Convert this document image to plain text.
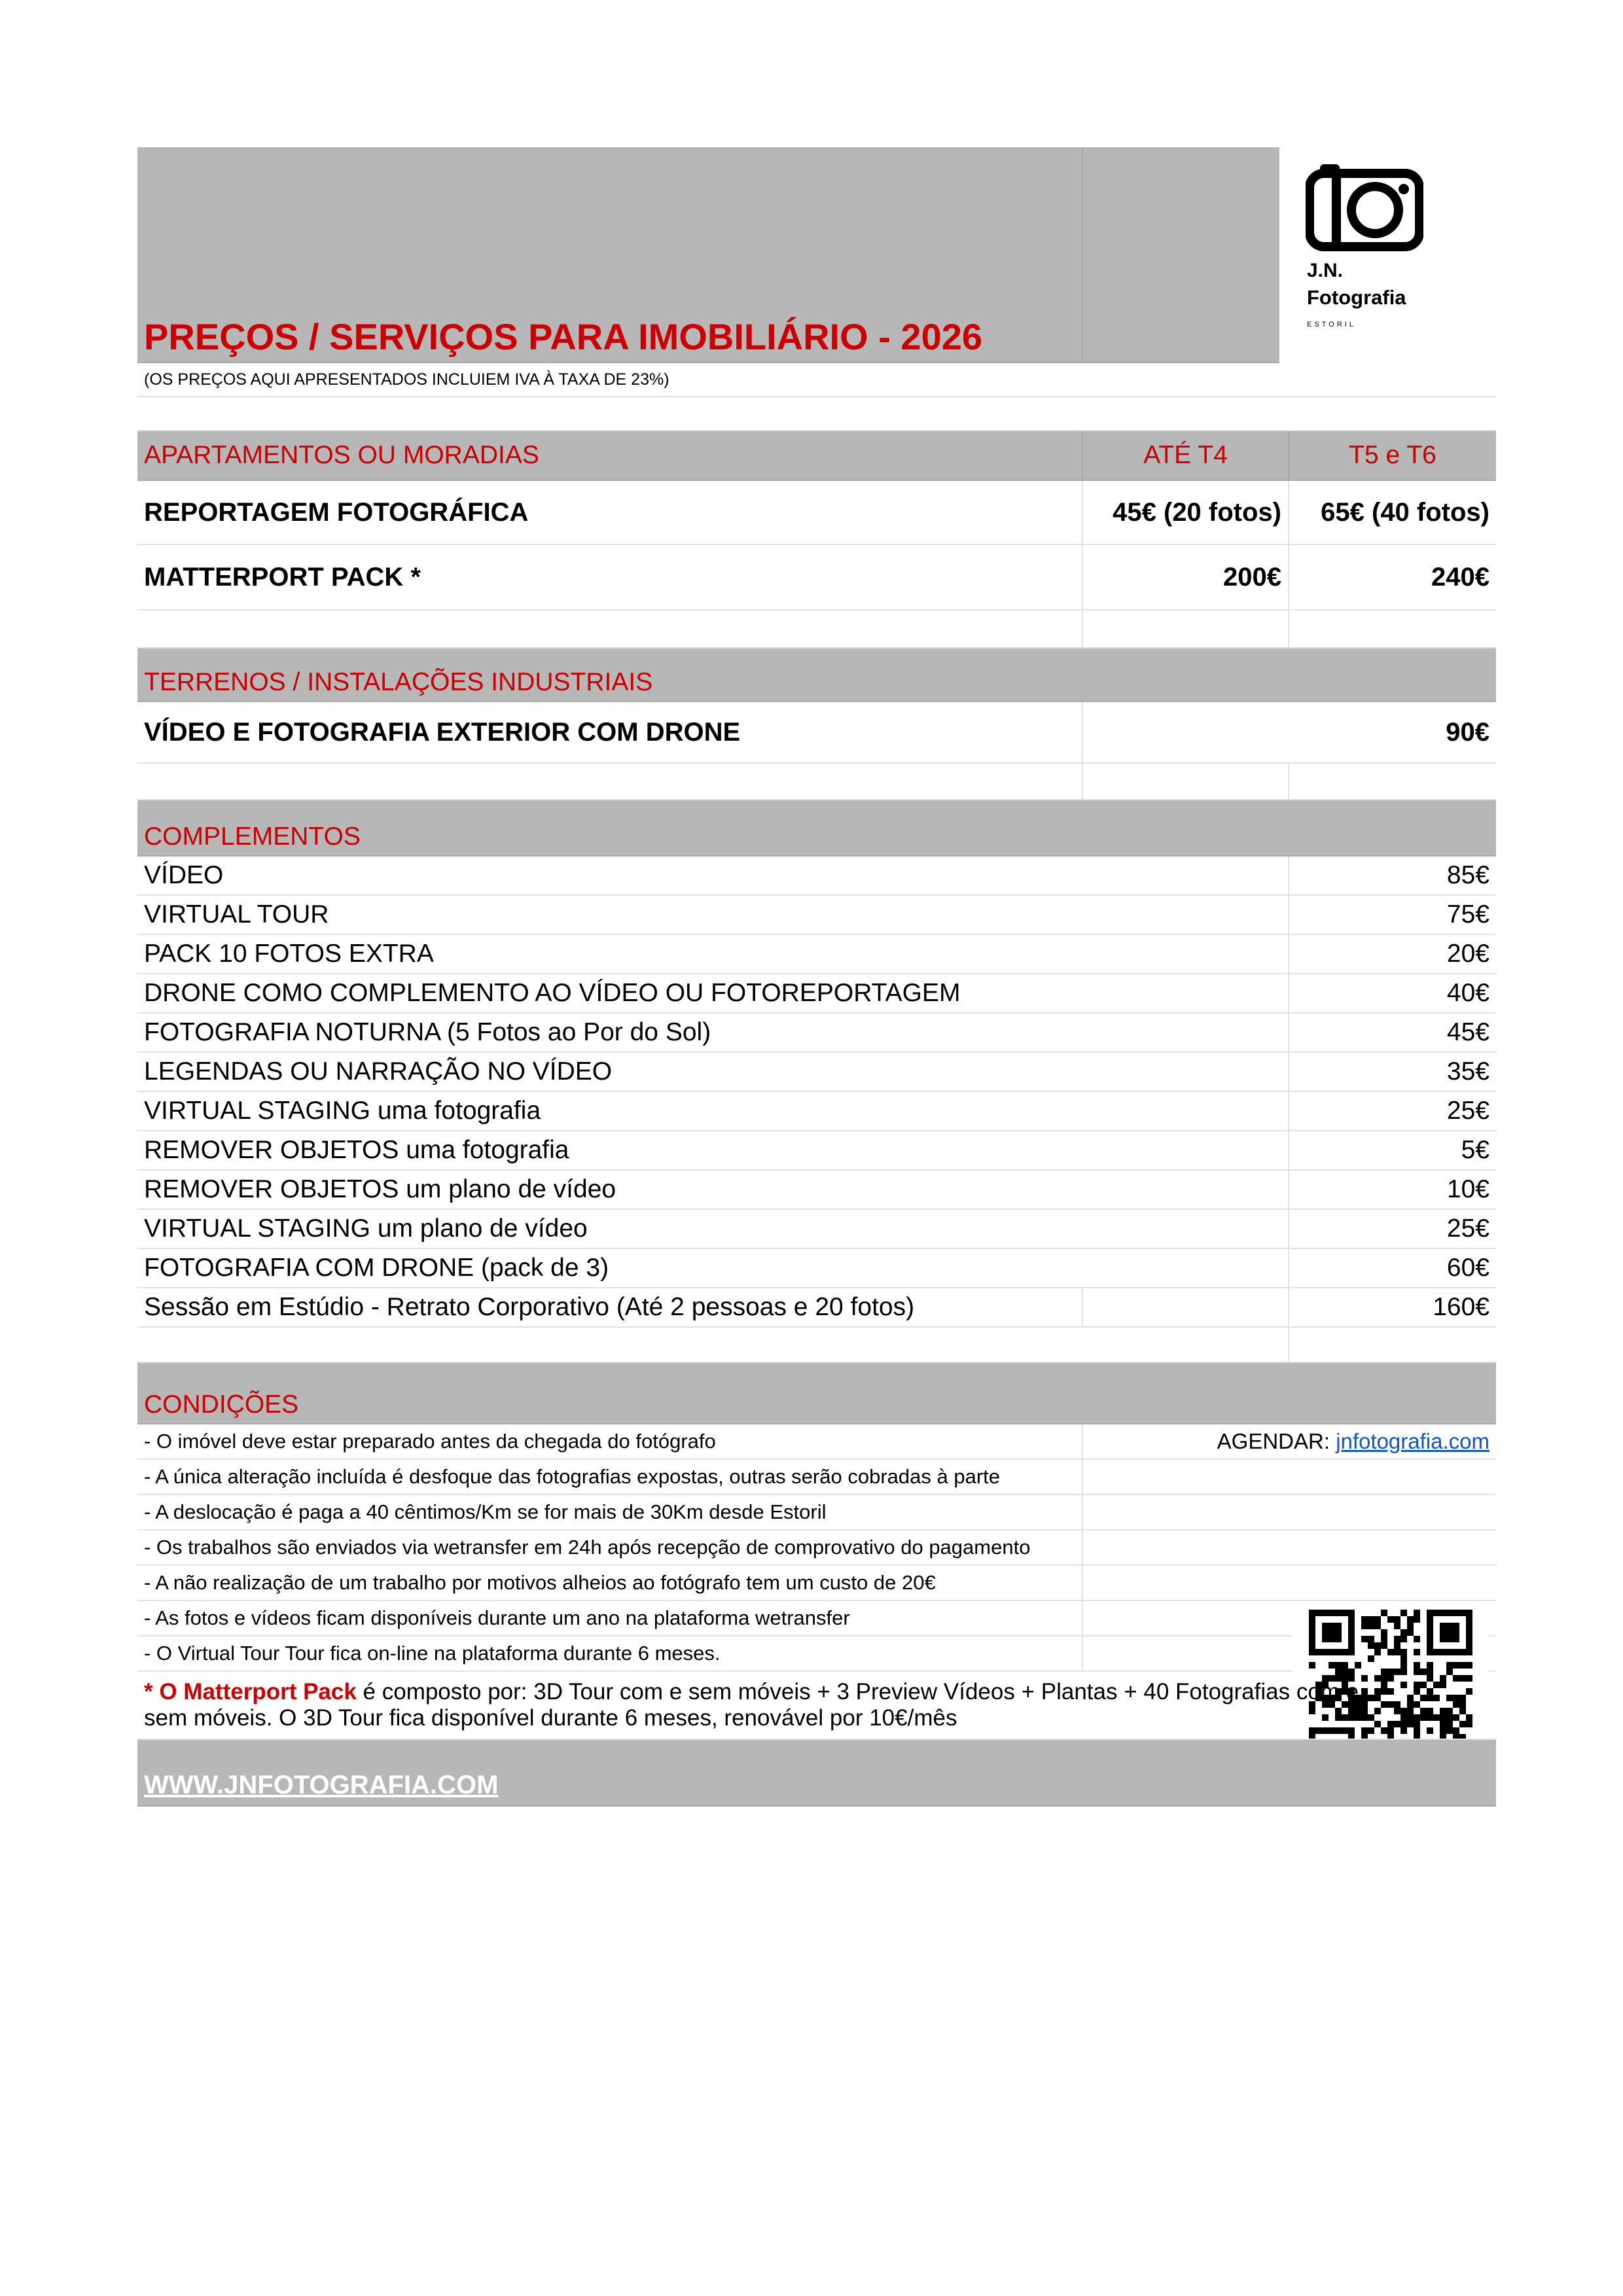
PREÇOS / SERVIÇOS PARA IMOBILIÁRIO - 2026
J.N.
Fotografia
ESTORIL
(OS PREÇOS AQUI APRESENTADOS INCLUIEM IVA À TAXA DE 23%)
APARTAMENTOS OU MORADIAS	ATÉ T4	T5 e T6
REPORTAGEM FOTOGRÁFICA	45€ (20 fotos)	65€ (40 fotos)
MATTERPORT PACK *	200€	240€
TERRENOS / INSTALAÇÕES INDUSTRIAIS
VÍDEO E FOTOGRAFIA EXTERIOR COM DRONE	90€
COMPLEMENTOS
VÍDEO	85€
VIRTUAL TOUR	75€
PACK 10 FOTOS EXTRA	20€
DRONE COMO COMPLEMENTO AO VÍDEO OU FOTOREPORTAGEM	40€
FOTOGRAFIA NOTURNA (5 Fotos ao Por do Sol)	45€
LEGENDAS OU NARRAÇÃO NO VÍDEO	35€
VIRTUAL STAGING uma fotografia	25€
REMOVER OBJETOS uma fotografia	5€
REMOVER OBJETOS um plano de vídeo	10€
VIRTUAL STAGING um plano de vídeo	25€
FOTOGRAFIA COM DRONE (pack de 3)	60€
Sessão em Estúdio - Retrato Corporativo (Até 2 pessoas e 20 fotos)	160€
CONDIÇÕES
- O imóvel deve estar preparado antes da chegada do fotógrafo	AGENDAR: jnfotografia.com
- A única alteração incluída é desfoque das fotografias expostas, outras serão cobradas à parte
- A deslocação é paga a 40 cêntimos/Km se for mais de 30Km desde Estoril
- Os trabalhos são enviados via wetransfer em 24h após recepção de comprovativo do pagamento
- A não realização de um trabalho por motivos alheios ao fotógrafo tem um custo de 20€
- As fotos e vídeos ficam disponíveis durante um ano na plataforma wetransfer
- O Virtual Tour Tour fica on-line na plataforma durante 6 meses.
* O Matterport Pack é composto por: 3D Tour com e sem móveis + 3 Preview Vídeos + Plantas + 40 Fotografias com e
sem móveis. O 3D Tour fica disponível durante 6 meses, renovável por 10€/mês
WWW.JNFOTOGRAFIA.COM
